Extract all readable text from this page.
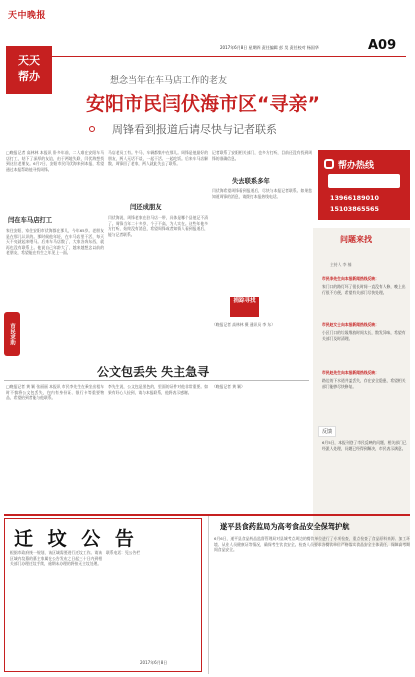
天中晚报
天天
帮办
2017年6月8日 星期四 责任编辑 彭 昊 责任校对 杨国华	A09
想念当年在车马店工作的老友
安阳市民闫伏海市区“寻亲”
周锋看到报道后请尽快与记者联系
□晚报记者 高林林 本报讯 卧多年前，二人难在安阳车马店打工，结下了深厚的友谊，由于两地失联，闫伏海想找到这位老朋友。6月7日，安阳市民闫伏海来到本报，希望通过本报帮助他寻找周锋。
闫在车马店打工
家住安阳，家住安阳市伏海都在那儿，今年65岁。老朋友是在那儿认识的。那时候他年轻，在车马店里干活，每天天不亮就起来喂马。后来车马店散了，大家各奔东西，就再也没有联系上。他说自己年龄大了，越来越想念以前的老朋友，希望能在有生之年见上一面。
马店老员工有。牛马，车辆都集中在那儿。周锋是他最好的朋友，两人无话不谈，一起干活、一起吃饭。后来车马店解散，周锋回了老家，两人就此失去了联系。
闫还成朋友
闫伏海说，周锋老家在驻马店一带，具体是哪个县他记不清了。周锋当年二十多岁，个子不高，为人实在。这些年他多方打听，始终没有消息，希望周锋或者知情人看到报道后，能与记者联系。
记者联系了安阳相关部门，也多方打听，目前还没有找到周锋的准确信息。
失去联系多年
闫伏海希望周锋看到报道后，尽快与本报记者联系。如果您知道周锋的消息，请拨打本报热线电话。
（晚报记者 高林林 摄 通讯员 李 东）
捐踪寻找
市民求助
帮办热线
13966189010
15103865565
问题来找
主持人 李 楠
市民李先生向本报新闻热线反映：
家门口的路灯坏了很长时间一直没有人修，晚上出行很不方便，希望有关部门尽快处理。
市民赵女士向本报新闻热线反映：
小区门口的垃圾堆放时间太长，散发异味，希望有关部门及时清理。
市民赵先生向本报新闻热线反映：
路边的下水道井盖丢失，存在安全隐患，希望相关部门能够尽快修复。
反馈
6月5日，本报刊登了市民反映的问题，相关部门已经派人处理，问题已经得到解决，市民表示满意。
公文包丢失 失主急寻
□晚报记者 黄 颖 张丽丽 本报讯 市民李先生在乘坐出租车时不慎将公文包丢失，包内有身份证、银行卡等重要物品，希望拾到者能与他联系。
李先生说，公文包是黑色的，里面的证件对他非常重要。如果有好心人捡到，请与本报联系，他将表示感谢。
（晚报记者 黄 颖）
迁 坟 公 告
根据市政府统一规划，该区域需要进行迁坟工作。请该区域内坟墓的墓主家属在公告发布之日起三十日内到相关部门办理迁坟手续，逾期未办理的将按无主坟处理。
联系电话：见公告栏
2017年6月8日
遂平县食药监局为高考食品安全保驾护航
6月6日，遂平县食品药品监督管理局对县城考点周边的餐饮单位进行了专项检查，重点检查了食品原料来源、加工环境、从业人员健康证等情况，确保考生饮食安全。检查人员要求各餐饮单位严格落实食品安全主体责任，保障高考期间食品安全。
